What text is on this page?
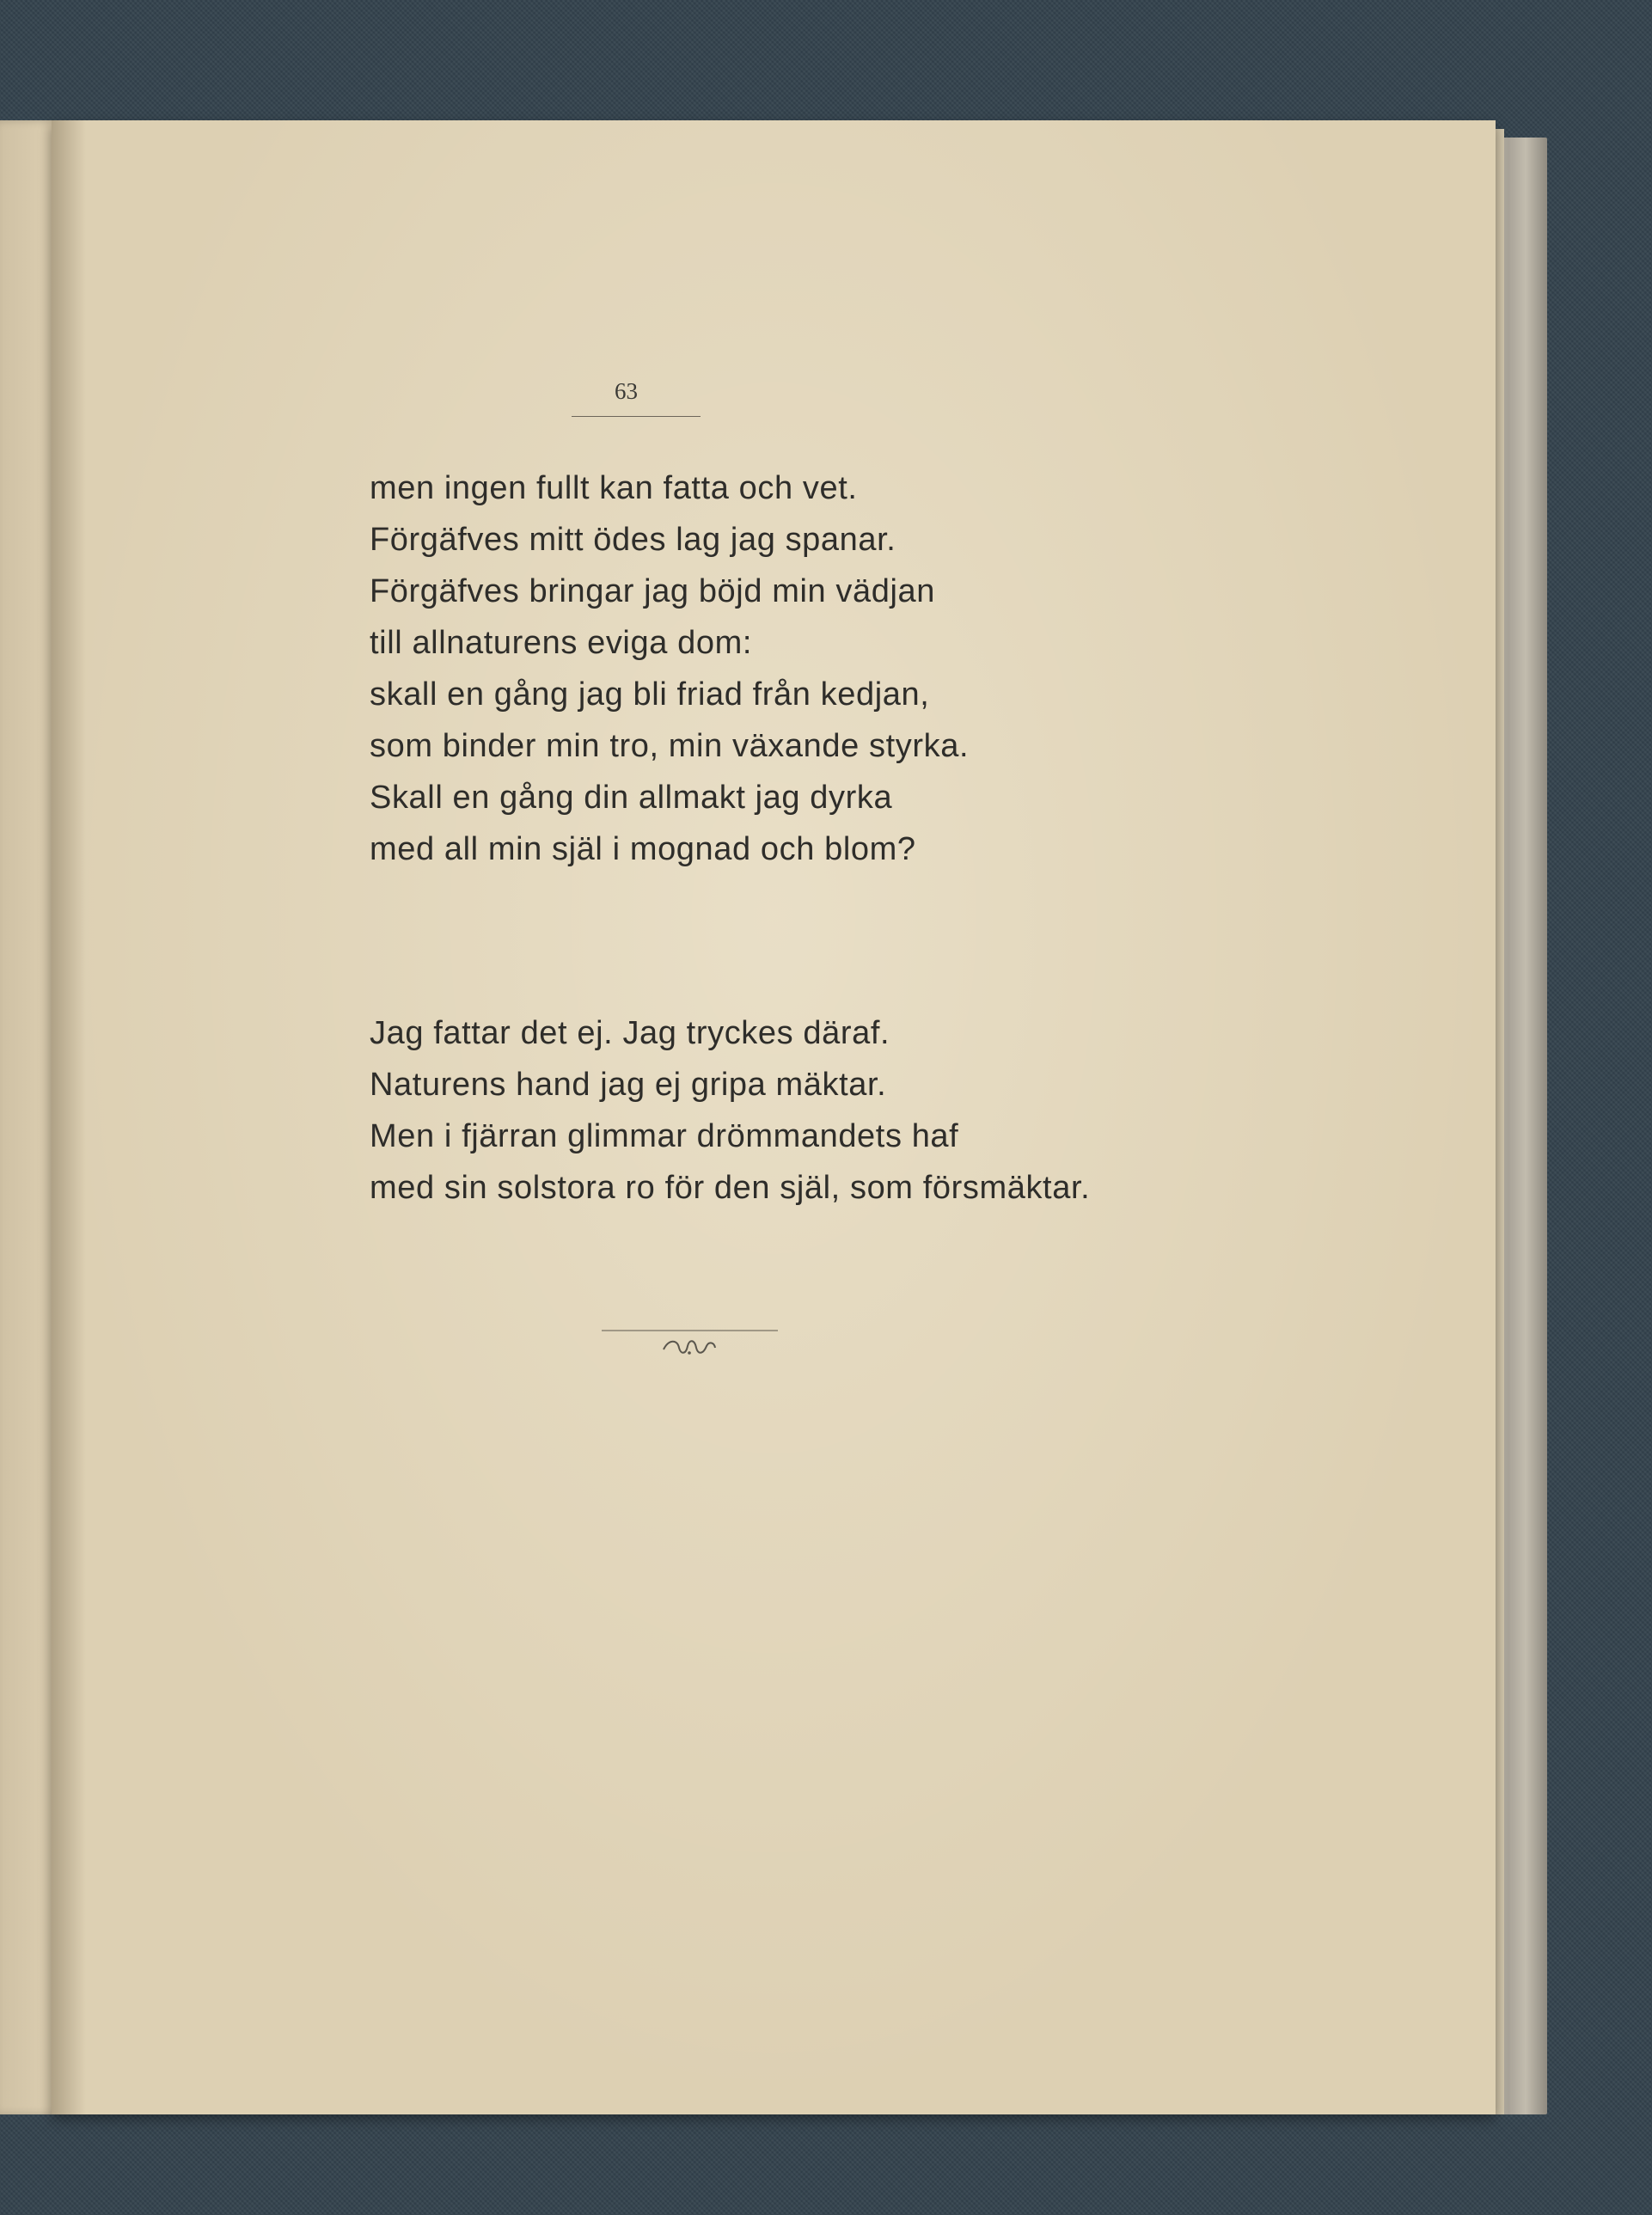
63
men ingen fullt kan fatta och vet.
Förgäfves mitt ödes lag jag spanar.
Förgäfves bringar jag böjd min vädjan
till allnaturens eviga dom:
skall en gång jag bli friad från kedjan,
som binder min tro, min växande styrka.
Skall en gång din allmakt jag dyrka
med all min själ i mognad och blom?
Jag fattar det ej. Jag tryckes däraf.
Naturens hand jag ej gripa mäktar.
Men i fjärran glimmar drömmandets haf
med sin solstora ro för den själ, som försmäktar.
